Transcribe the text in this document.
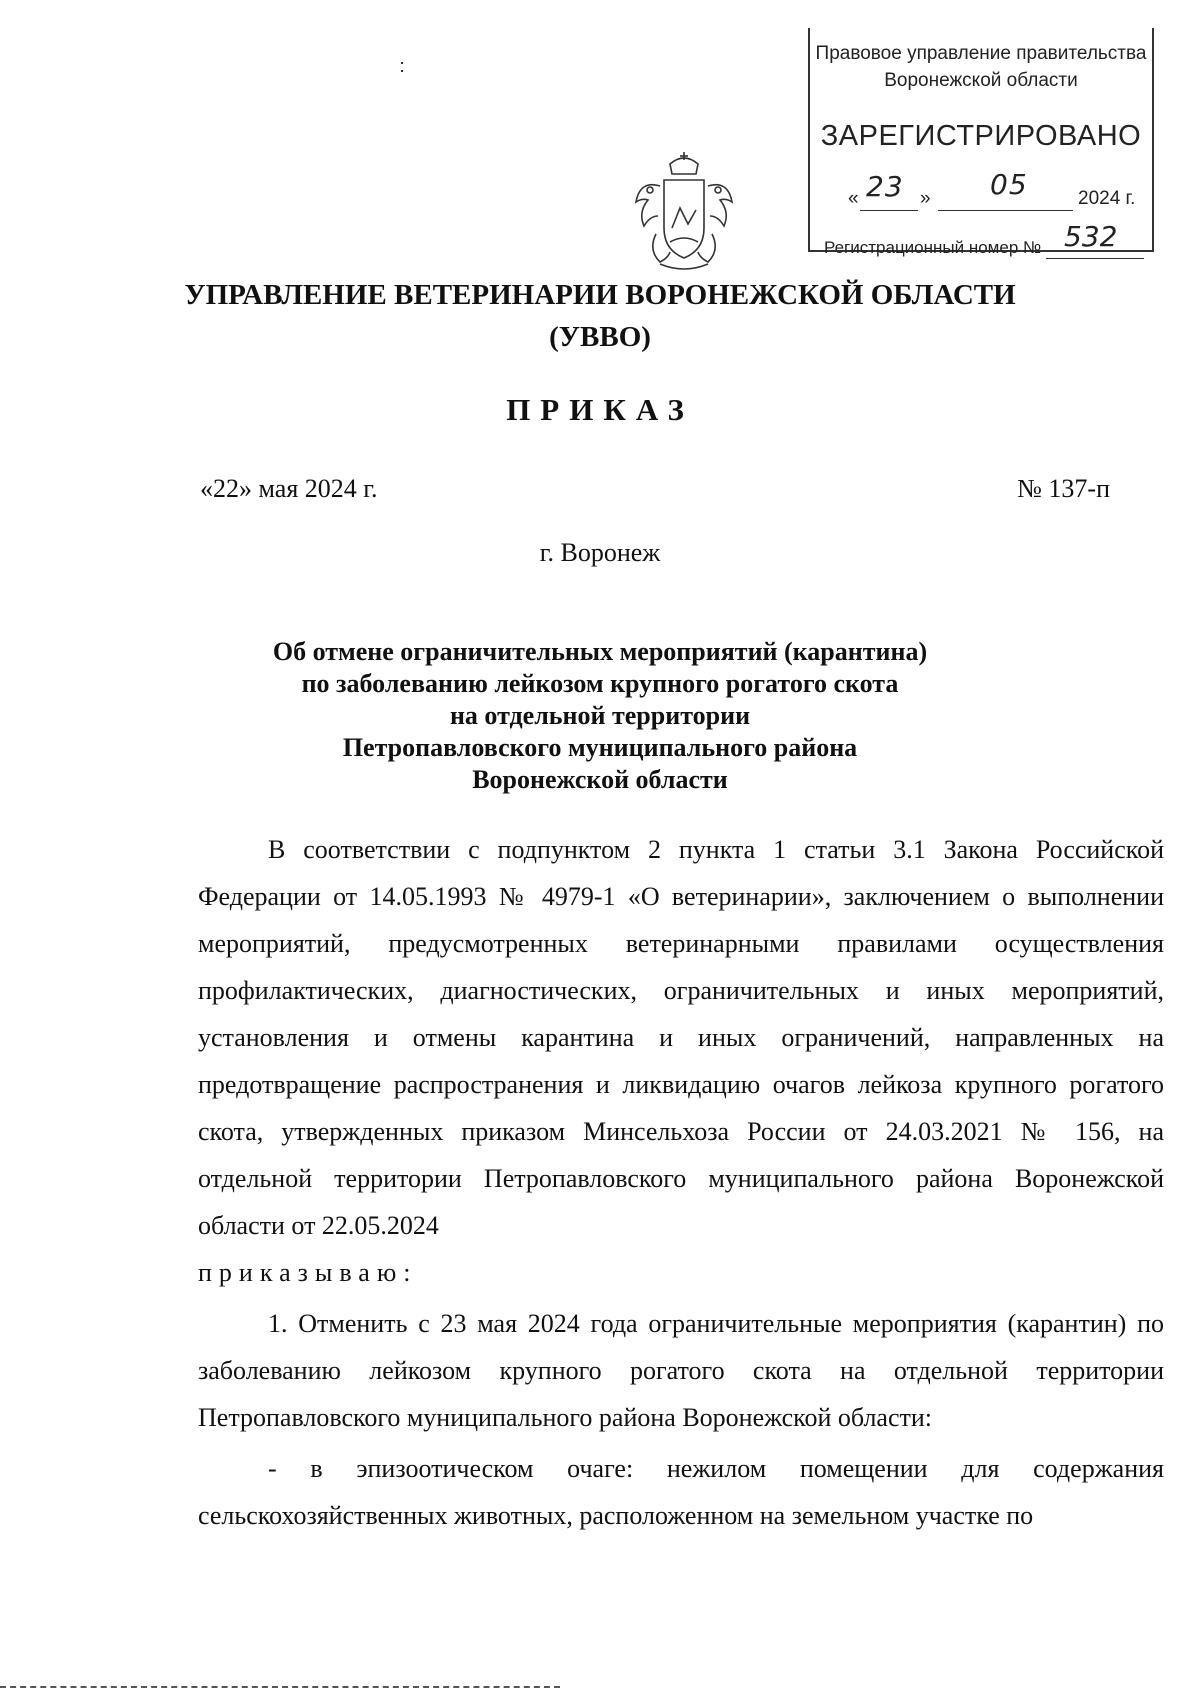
Правовое управление правительства
Воронежской области
ЗАРЕГИСТРИРОВАНО
« 23 » 05	2024 г.
Регистрационный номер № 532
УПРАВЛЕНИЕ ВЕТЕРИНАРИИ ВОРОНЕЖСКОЙ ОБЛАСТИ
(УВВО)
ПРИКАЗ
«22» мая 2024 г.	№ 137-п
г. Воронеж
Об отмене ограничительных мероприятий (карантина)
по заболеванию лейкозом крупного рогатого скота
на отдельной территории
Петропавловского муниципального района
Воронежской области

В соответствии с подпунктом 2 пункта 1 статьи 3.1 Закона Российской Федерации от 14.05.1993 № 4979-1 «О ветеринарии», заключением о выполнении мероприятий, предусмотренных ветеринарными правилами осуществления профилактических, диагностических, ограничительных и иных мероприятий, установления и отмены карантина и иных ограничений, направленных на предотвращение распространения и ликвидацию очагов лейкоза крупного рогатого скота, утвержденных приказом Минсельхоза России от 24.03.2021 № 156, на отдельной территории Петропавловского муниципального района Воронежской области от 22.05.2024

приказываю:

1. Отменить с 23 мая 2024 года ограничительные мероприятия (карантин) по заболеванию лейкозом крупного рогатого скота на отдельной территории Петропавловского муниципального района Воронежской области:

- в эпизоотическом очаге: нежилом помещении для содержания сельскохозяйственных животных, расположенном на земельном участке по
